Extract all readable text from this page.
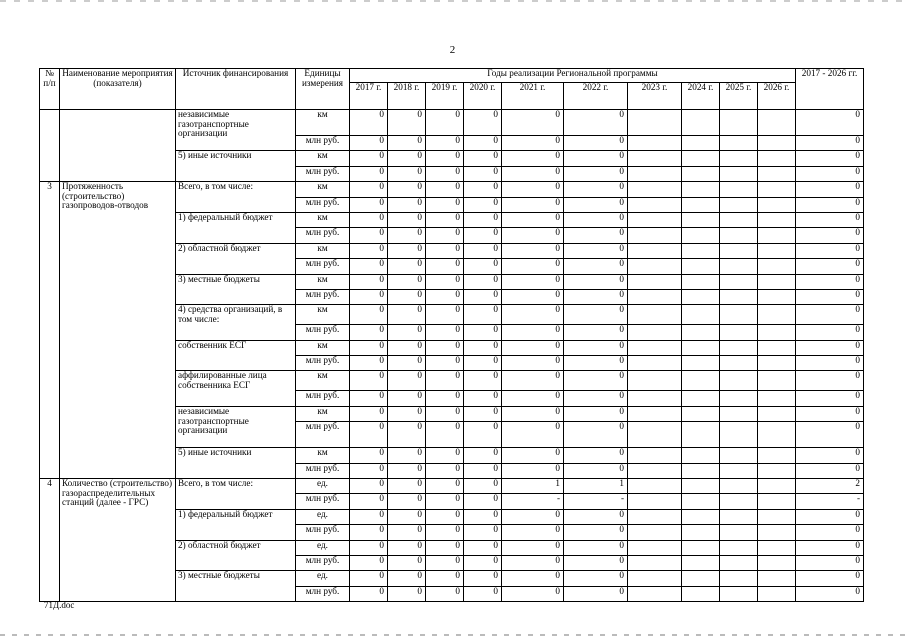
2
№ п/п	Наименование мероприятия (показателя)	Источник финансирования	Единицы измерения	Годы реализации Региональной программы										2017 - 2026 гг.
				2017 г.	2018 г.	2019 г.	2020 г.	2021 г.	2022 г.	2023 г.	2024 г.	2025 г.	2026 г.	
		независимые газотранспортные организации	км	0	0	0	0	0	0					0
			млн руб.	0	0	0	0	0	0					0
		5) иные источники	км	0	0	0	0	0	0					0
			млн руб.	0	0	0	0	0	0					0
3	Протяженность (строительство) газопроводов-отводов	Всего, в том числе:	км	0	0	0	0	0	0					0
			млн руб.	0	0	0	0	0	0					0
		1) федеральный бюджет	км	0	0	0	0	0	0					0
			млн руб.	0	0	0	0	0	0					0
		2) областной бюджет	км	0	0	0	0	0	0					0
			млн руб.	0	0	0	0	0	0					0
		3) местные бюджеты	км	0	0	0	0	0	0					0
			млн руб.	0	0	0	0	0	0					0
		4) средства организаций, в том числе:	км	0	0	0	0	0	0					0
			млн руб.	0	0	0	0	0	0					0
		собственник ЕСГ	км	0	0	0	0	0	0					0
			млн руб.	0	0	0	0	0	0					0
		аффилированные лица собственника ЕСГ	км	0	0	0	0	0	0					0
			млн руб.	0	0	0	0	0	0					0
		независимые газотранспортные организации	км	0	0	0	0	0	0					0
			млн руб.	0	0	0	0	0	0					0
		5) иные источники	км	0	0	0	0	0	0					0
			млн руб.	0	0	0	0	0	0					0
4	Количество (строительство) газораспределительных станций (далее - ГРС)	Всего, в том числе:	ед.	0	0	0	0	1	1					2
			млн руб.	0	0	0	0	-	-					-
		1) федеральный бюджет	ед.	0	0	0	0	0	0					0
			млн руб.	0	0	0	0	0	0					0
		2) областной бюджет	ед.	0	0	0	0	0	0					0
			млн руб.	0	0	0	0	0	0					0
		3) местные бюджеты	ед.	0	0	0	0	0	0					0
			млн руб.	0	0	0	0	0	0					0
71Д.doc
